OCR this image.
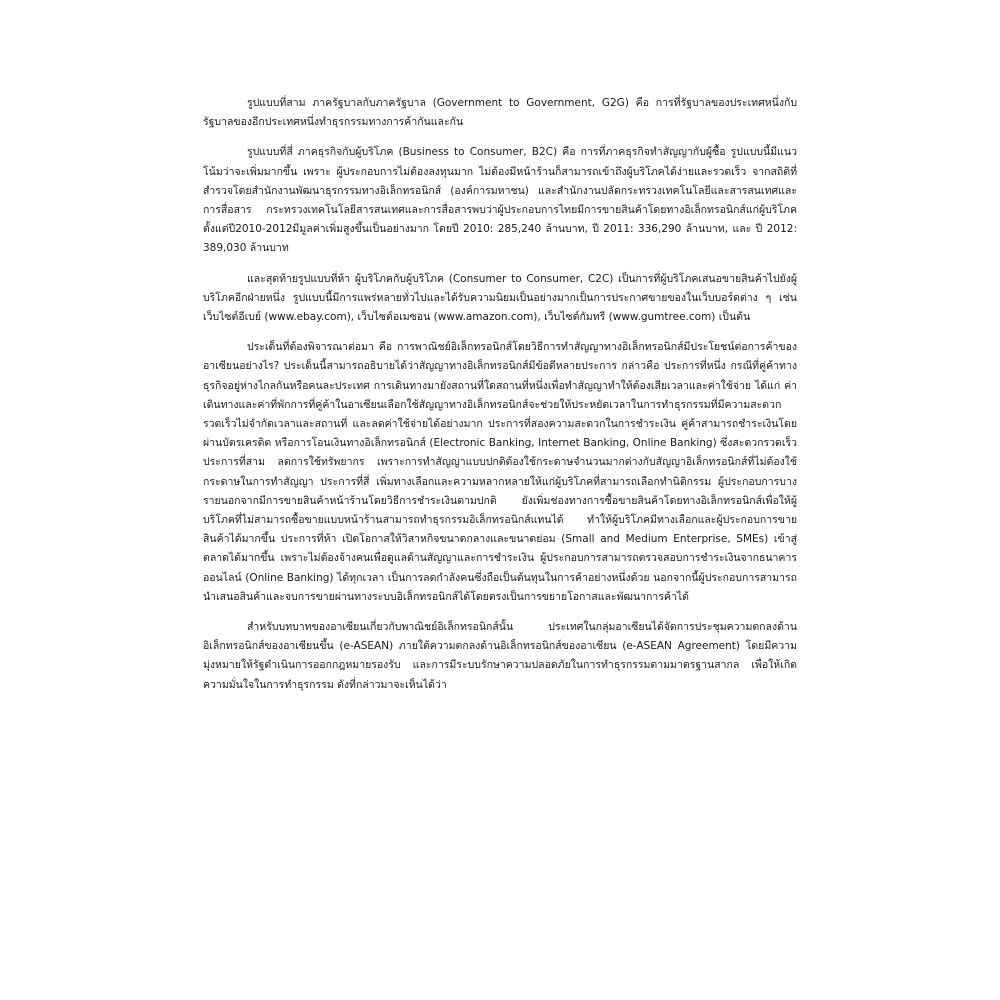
รูปแบบที่สาม ภาครัฐบาลกับภาครัฐบาล (Government to Government, G2G) คือ การที่รัฐบาลของประเทศหนึ่งกับรัฐบาลของอีกประเทศหนึ่งทำธุรกรรมทางการค้ากันและกัน

รูปแบบที่สี่ ภาคธุรกิจกับผู้บริโภค (Business to Consumer, B2C) คือ การที่ภาคธุรกิจทำสัญญากับผู้ซื้อ รูปแบบนี้มีแนวโน้มว่าจะเพิ่มมากขึ้น เพราะ ผู้ประกอบการไม่ต้องลงทุนมาก ไม่ต้องมีหน้าร้านก็สามารถเข้าถึงผู้บริโภคได้ง่ายและรวดเร็ว จากสถิติที่สำรวจโดยสำนักงานพัฒนาธุรกรรมทางอิเล็กทรอนิกส์ (องค์การมหาชน) และสำนักงานปลัดกระทรวงเทคโนโลยีและสารสนเทศและการสื่อสาร กระทรวงเทคโนโลยีสารสนเทศและการสื่อสารพบว่าผู้ประกอบการไทยมีการขายสินค้าโดยทางอิเล็กทรอนิกส์แก่ผู้บริโภค ตั้งแต่ปี2010-2012มีมูลค่าเพิ่มสูงขึ้นเป็นอย่างมาก โดยปี 2010: 285,240 ล้านบาท, ปี 2011: 336,290 ล้านบาท, และ ปี 2012: 389,030 ล้านบาท

และสุดท้ายรูปแบบที่ห้า ผู้บริโภคกับผู้บริโภค (Consumer to Consumer, C2C) เป็นการที่ผู้บริโภคเสนอขายสินค้าไปยังผู้บริโภคอีกฝ่ายหนึ่ง รูปแบบนี้มีการแพร่หลายทั่วไปและได้รับความนิยมเป็นอย่างมากเป็นการประกาศขายของในเว็บบอร์ดต่าง ๆ เช่น เว็บไซต์อีเบย์ (www.ebay.com), เว็บไซต์อเมซอน (www.amazon.com), เว็บไซต์กัมทรี (www.gumtree.com) เป็นต้น

ประเด็นที่ต้องพิจารณาต่อมา คือ การพาณิชย์อิเล็กทรอนิกส์โดยวิธีการทำสัญญาทางอิเล็กทรอนิกส์มีประโยชน์ต่อการค้าของอาเซียนอย่างไร? ประเด็นนี้สามารถอธิบายได้ว่าสัญญาทางอิเล็กทรอนิกส์มีข้อดีหลายประการ กล่าวคือ ประการที่หนึ่ง กรณีที่คู่ค้าทางธุรกิจอยู่ห่างไกลกันหรือคนละประเทศ การเดินทางมายังสถานที่ใดสถานที่หนึ่งเพื่อทำสัญญาทำให้ต้องเสียเวลาและค่าใช้จ่าย ได้แก่ ค่าเดินทางและค่าที่พักการที่คู่ค้าในอาเซียนเลือกใช้สัญญาทางอิเล็กทรอนิกส์จะช่วยให้ประหยัดเวลาในการทำธุรกรรมที่มีความสะดวกรวดเร็วไม่จำกัดเวลาและสถานที่ และลดค่าใช้จ่ายได้อย่างมาก ประการที่สองความสะดวกในการชำระเงิน คู่ค้าสามารถชำระเงินโดยผ่านบัตรเครดิต หรือการโอนเงินทางอิเล็กทรอนิกส์ (Electronic Banking, Internet Banking, Online Banking) ซึ่งสะดวกรวดเร็ว ประการที่สาม ลดการใช้ทรัพยากร เพราะการทำสัญญาแบบปกติต้องใช้กระดาษจำนวนมากต่างกับสัญญาอิเล็กทรอนิกส์ที่ไม่ต้องใช้กระดาษในการทำสัญญา ประการที่สี่ เพิ่มทางเลือกและความหลากหลายให้แก่ผู้บริโภคที่สามารถเลือกทำนิติกรรม ผู้ประกอบการบางรายนอกจากมีการขายสินค้าหน้าร้านโดยวิธีการชำระเงินตามปกติ ยังเพิ่มช่องทางการซื้อขายสินค้าโดยทางอิเล็กทรอนิกส์เพื่อให้ผู้บริโภคที่ไม่สามารถซื้อขายแบบหน้าร้านสามารถทำธุรกรรมอิเล็กทรอนิกส์แทนได้ ทำให้ผู้บริโภคมีทางเลือกและผู้ประกอบการขายสินค้าได้มากขึ้น ประการที่ห้า เปิดโอกาสให้วิสาหกิจขนาดกลางและขนาดย่อม (Small and Medium Enterprise, SMEs) เข้าสู่ตลาดได้มากขึ้น เพราะไม่ต้องจ้างคนเพื่อดูแลด้านสัญญาและการชำระเงิน ผู้ประกอบการสามารถตรวจสอบการชำระเงินจากธนาคารออนไลน์ (Online Banking) ได้ทุกเวลา เป็นการลดกำลังคนซึ่งถือเป็นต้นทุนในการค้าอย่างหนึ่งด้วย นอกจากนี้ผู้ประกอบการสามารถนำเสนอสินค้าและจบการขายผ่านทางระบบอิเล็กทรอนิกส์ได้โดยตรงเป็นการขยายโอกาสและพัฒนาการค้าได้

สำหรับบทบาทของอาเซียนเกี่ยวกับพาณิชย์อิเล็กทรอนิกส์นั้น ประเทศในกลุ่มอาเซียนได้จัดการประชุมความตกลงด้านอิเล็กทรอนิกส์ของอาเซียนขึ้น (e-ASEAN) ภายใต้ความตกลงด้านอิเล็กทรอนิกส์ของอาเซียน (e-ASEAN Agreement) โดยมีความมุ่งหมายให้รัฐดำเนินการออกกฎหมายรองรับ และการมีระบบรักษาความปลอดภัยในการทำธุรกรรมตามมาตรฐานสากล เพื่อให้เกิดความมั่นใจในการทำธุรกรรม ดังที่กล่าวมาจะเห็นได้ว่า
